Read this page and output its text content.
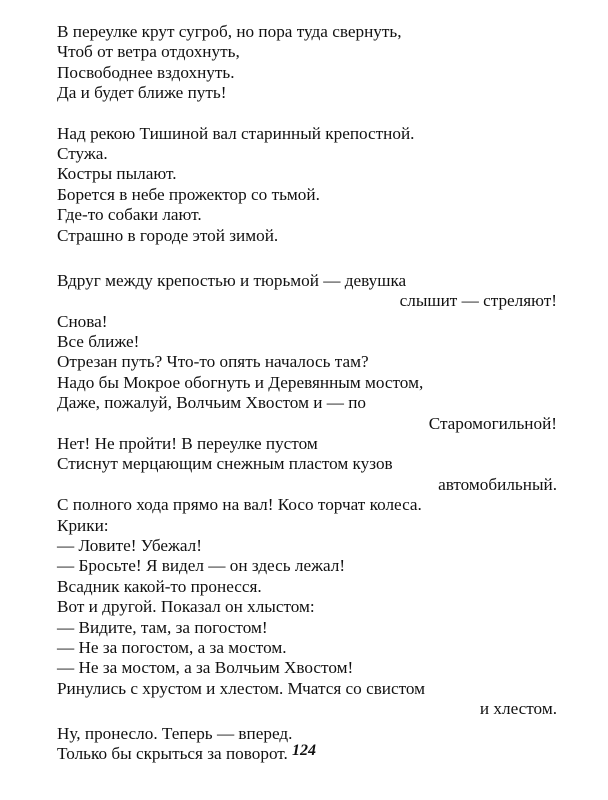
В переулке крут сугроб, но пора туда свернуть,
Чтоб от ветра отдохнуть,
Посвободнее вздохнуть.
Да и будет ближе путь!
Над рекою Тишиной вал старинный крепостной.
Стужа.
Костры пылают.
Борется в небе прожектор со тьмой.
Где-то собаки лают.
Страшно в городе этой зимой.
Вдруг между крепостью и тюрьмой — девушка
слышит — стреляют!
Снова!
Все ближе!
Отрезан путь? Что-то опять началось там?
Надо бы Мокрое обогнуть и Деревянным мостом,
Даже, пожалуй, Волчьим Хвостом и — по
Старомогильной!
Нет! Не пройти! В переулке пустом
Стиснут мерцающим снежным пластом кузов
автомобильный.
С полного хода прямо на вал! Косо торчат колеса.
Крики:
— Ловите! Убежал!
— Бросьте! Я видел — он здесь лежал!
Всадник какой-то пронесся.
Вот и другой. Показал он хлыстом:
— Видите, там, за погостом!
— Не за погостом, а за мостом.
— Не за мостом, а за Волчьим Хвостом!
Ринулись с хрустом и хлестом. Мчатся со свистом
и хлестом.
Ну, пронесло. Теперь — вперед.
Только бы скрыться за поворот. 124
